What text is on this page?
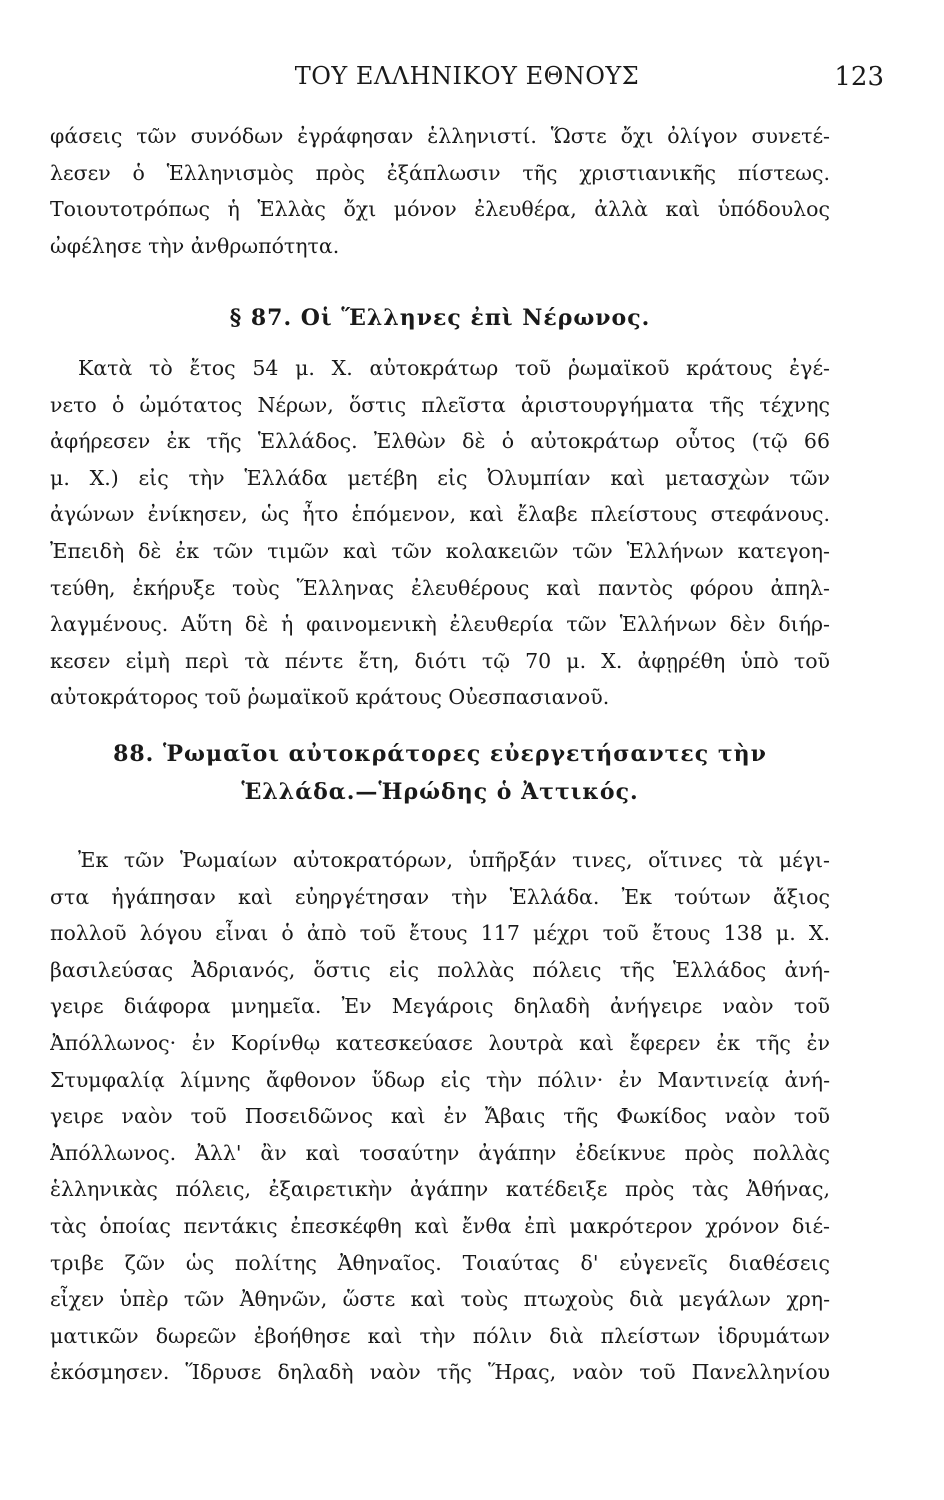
ΤΟΥ ΕΛΛΗΝΙΚΟΥ ΕΘΝΟΥΣ	123
φάσεις τῶν συνόδων ἐγράφησαν ἑλληνιστί. Ὥστε ὄχι ὀλίγον συνετέ-
λεσεν ὁ Ἑλληνισμὸς πρὸς ἐξάπλωσιν τῆς χριστιανικῆς πίστεως.
Τοιουτοτρόπως ἡ Ἑλλὰς ὄχι μόνον ἐλευθέρα, ἀλλὰ καὶ ὑπόδουλος
ὠφέλησε τὴν ἀνθρωπότητα.
§ 87. Οἱ Ἕλληνες ἐπὶ Νέρωνος.
Κατὰ τὸ ἔτος 54 μ. Χ. αὐτοκράτωρ τοῦ ῥωμαϊκοῦ κράτους ἐγέ-
νετο ὁ ὠμότατος Νέρων, ὅστις πλεῖστα ἀριστουργήματα τῆς τέχνης
ἀφήρεσεν ἐκ τῆς Ἑλλάδος. Ἐλθὼν δὲ ὁ αὐτοκράτωρ οὗτος (τῷ 66
μ. Χ.) εἰς τὴν Ἑλλάδα μετέβη εἰς Ὀλυμπίαν καὶ μετασχὼν τῶν
ἀγώνων ἐνίκησεν, ὡς ἦτο ἑπόμενον, καὶ ἔλαβε πλείστους στεφάνους.
Ἐπειδὴ δὲ ἐκ τῶν τιμῶν καὶ τῶν κολακειῶν τῶν Ἑλλήνων κατεγοη-
τεύθη, ἐκήρυξε τοὺς Ἕλληνας ἐλευθέρους καὶ παντὸς φόρου ἀπηλ-
λαγμένους. Αὕτη δὲ ἡ φαινομενικὴ ἐλευθερία τῶν Ἑλλήνων δὲν διήρ-
κεσεν εἰμὴ περὶ τὰ πέντε ἔτη, διότι τῷ 70 μ. Χ. ἀφῃρέθη ὑπὸ τοῦ
αὐτοκράτορος τοῦ ῥωμαϊκοῦ κράτους Οὐεσπασιανοῦ.
88. Ῥωμαῖοι αὐτοκράτορες εὐεργετήσαντες τὴν
Ἑλλάδα.—Ἡρώδης ὁ Ἀττικός.
Ἐκ τῶν Ῥωμαίων αὐτοκρατόρων, ὑπῆρξάν τινες, οἵτινες τὰ μέγι-
στα ἠγάπησαν καὶ εὐηργέτησαν τὴν Ἑλλάδα. Ἐκ τούτων ἄξιος
πολλοῦ λόγου εἶναι ὁ ἀπὸ τοῦ ἔτους 117 μέχρι τοῦ ἔτους 138 μ. Χ.
βασιλεύσας Ἀδριανός, ὅστις εἰς πολλὰς πόλεις τῆς Ἑλλάδος ἀνή-
γειρε διάφορα μνημεῖα. Ἐν Μεγάροις δηλαδὴ ἀνήγειρε ναὸν τοῦ
Ἀπόλλωνος· ἐν Κορίνθῳ κατεσκεύασε λουτρὰ καὶ ἔφερεν ἐκ τῆς ἐν
Στυμφαλίᾳ λίμνης ἄφθονον ὕδωρ εἰς τὴν πόλιν· ἐν Μαντινείᾳ ἀνή-
γειρε ναὸν τοῦ Ποσειδῶνος καὶ ἐν Ἄβαις τῆς Φωκίδος ναὸν τοῦ
Ἀπόλλωνος. Ἀλλ' ἂν καὶ τοσαύτην ἀγάπην ἐδείκνυε πρὸς πολλὰς
ἑλληνικὰς πόλεις, ἐξαιρετικὴν ἀγάπην κατέδειξε πρὸς τὰς Ἀθήνας,
τὰς ὁποίας πεντάκις ἐπεσκέφθη καὶ ἔνθα ἐπὶ μακρότερον χρόνον διέ-
τριβε ζῶν ὡς πολίτης Ἀθηναῖος. Τοιαύτας δ' εὐγενεῖς διαθέσεις
εἶχεν ὑπὲρ τῶν Ἀθηνῶν, ὥστε καὶ τοὺς πτωχοὺς διὰ μεγάλων χρη-
ματικῶν δωρεῶν ἐβοήθησε καὶ τὴν πόλιν διὰ πλείστων ἱδρυμάτων
ἐκόσμησεν. Ἵδρυσε δηλαδὴ ναὸν τῆς Ἥρας, ναὸν τοῦ Πανελληνίου
